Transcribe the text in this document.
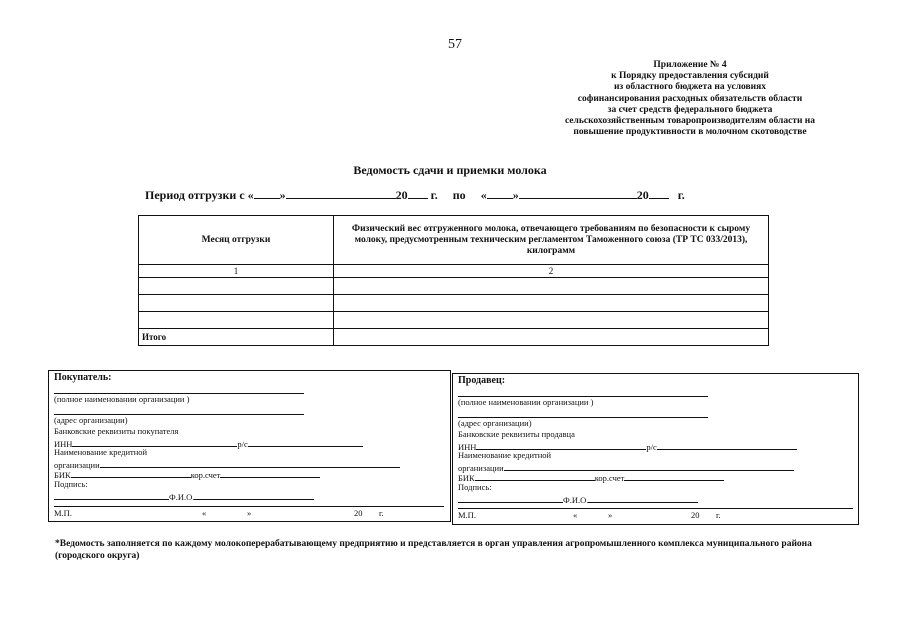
57
Приложение № 4
к Порядку предоставления субсидий
из областного бюджета на условиях
софинансирования расходных обязательств области
за счет средств федерального бюджета
сельскохозяйственным товаропроизводителям области на
повышение продуктивности в молочном скотоводстве
Ведомость сдачи и приемки молока
Период отгрузки с « »	20 г. по « »	20 г.
Месяц отгрузки	Физический вес отгруженного молока, отвечающего требованиям по безопасности к сырому молоку, предусмотренным техническим регламентом Таможенного союза (ТР ТС 033/2013), килограмм
1	2

Итого	
Покупатель:
(полное наименовании организации )
(адрес организации)
Банковские реквизиты покупателя
ИНН	р/с
Наименование кредитной
организации
БИК	кор.счет
Подпись:
Ф.И.О.
М.П.	«	»	20 г.
Продавец:
(полное наименовании организации )
(адрес организации)
Банковские реквизиты продавца
ИНН	р/с
Наименование кредитной
организации
БИК	кор.счет
Подпись:
Ф.И.О.
М.П.	«	»	20 г.
*Ведомость заполняется по каждому молокоперерабатывающему предприятию и представляется в орган управления агропромышленного комплекса муниципального района (городского округа)
